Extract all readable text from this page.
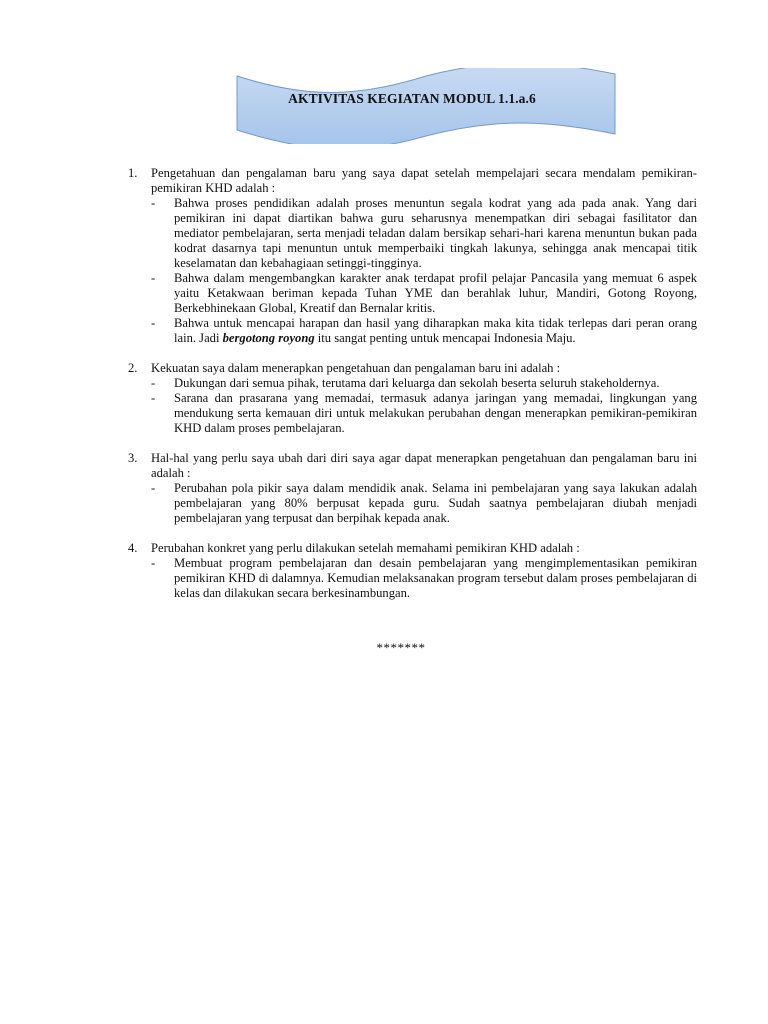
AKTIVITAS KEGIATAN MODUL 1.1.a.6
1.	Pengetahuan dan pengalaman baru yang saya dapat setelah mempelajari secara mendalam pemikiran-pemikiran KHD adalah :
-	Bahwa proses pendidikan adalah proses menuntun segala kodrat yang ada pada anak. Yang dari pemikiran ini dapat diartikan bahwa guru seharusnya menempatkan diri sebagai fasilitator dan mediator pembelajaran, serta menjadi teladan dalam bersikap sehari-hari karena menuntun bukan pada kodrat dasarnya tapi menuntun untuk memperbaiki tingkah lakunya, sehingga anak mencapai titik keselamatan dan kebahagiaan setinggi-tingginya.
-	Bahwa dalam mengembangkan karakter anak terdapat profil pelajar Pancasila yang memuat 6 aspek yaitu Ketakwaan beriman kepada Tuhan YME dan berahlak luhur, Mandiri, Gotong Royong, Berkebhinekaan Global, Kreatif dan Bernalar kritis.
-	Bahwa untuk mencapai harapan dan hasil yang diharapkan maka kita tidak terlepas dari peran orang lain. Jadi bergotong royong itu sangat penting untuk mencapai Indonesia Maju.
2.	Kekuatan saya dalam menerapkan pengetahuan dan pengalaman baru ini adalah :
-	Dukungan dari semua pihak, terutama dari keluarga dan sekolah beserta seluruh stakeholdernya.
-	Sarana dan prasarana yang memadai, termasuk adanya jaringan yang memadai, lingkungan yang mendukung serta kemauan diri untuk melakukan perubahan dengan menerapkan pemikiran-pemikiran KHD dalam proses pembelajaran.
3.	Hal-hal yang perlu saya ubah dari diri saya agar dapat menerapkan pengetahuan dan pengalaman baru ini adalah :
-	Perubahan pola pikir saya dalam mendidik anak. Selama ini pembelajaran yang saya lakukan adalah pembelajaran yang 80% berpusat kepada guru. Sudah saatnya pembelajaran diubah menjadi pembelajaran yang terpusat dan berpihak kepada anak.
4.	Perubahan konkret yang perlu dilakukan setelah memahami pemikiran KHD adalah :
-	Membuat program pembelajaran dan desain pembelajaran yang mengimplementasikan pemikiran pemikiran KHD di dalamnya. Kemudian melaksanakan program tersebut dalam proses pembelajaran di kelas dan dilakukan secara berkesinambungan.
*******
